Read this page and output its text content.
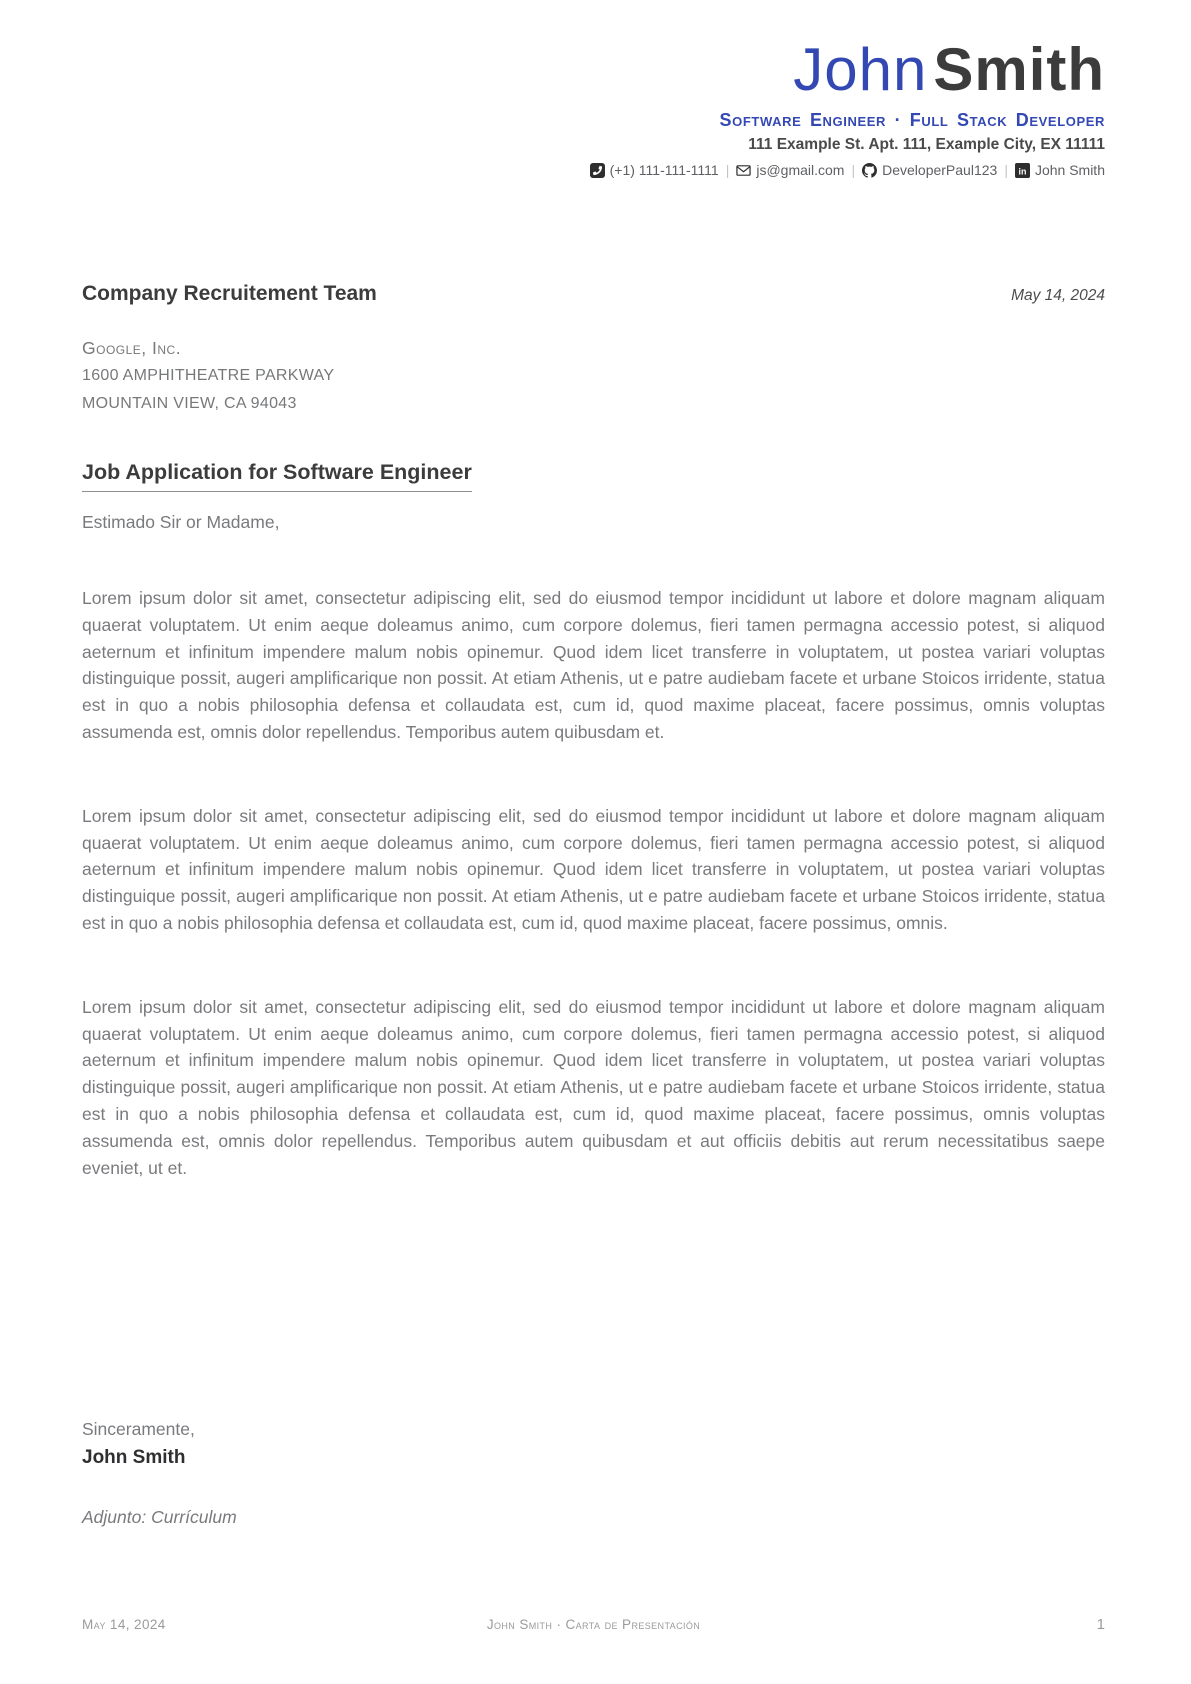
John Smith
Software Engineer · Full Stack Developer
111 Example St. Apt. 111, Example City, EX 11111
(+1) 111-111-1111 | js@gmail.com | DeveloperPaul123 | in John Smith
Company Recruitement Team	May 14, 2024
Google, Inc.
1600 AMPHITHEATRE PARKWAY
MOUNTAIN VIEW, CA 94043
Job Application for Software Engineer
Estimado Sir or Madame,

Lorem ipsum dolor sit amet, consectetur adipiscing elit, sed do eiusmod tempor incididunt ut labore et dolore magnam aliquam quaerat voluptatem. Ut enim aeque doleamus animo, cum corpore dolemus, fieri tamen permagna accessio potest, si aliquod aeternum et infinitum impendere malum nobis opinemur. Quod idem licet transferre in voluptatem, ut postea variari voluptas distinguique possit, augeri amplificarique non possit. At etiam Athenis, ut e patre audiebam facete et urbane Stoicos irridente, statua est in quo a nobis philosophia defensa et collaudata est, cum id, quod maxime placeat, facere possimus, omnis voluptas assumenda est, omnis dolor repellendus. Temporibus autem quibusdam et.

Lorem ipsum dolor sit amet, consectetur adipiscing elit, sed do eiusmod tempor incididunt ut labore et dolore magnam aliquam quaerat voluptatem. Ut enim aeque doleamus animo, cum corpore dolemus, fieri tamen permagna accessio potest, si aliquod aeternum et infinitum impendere malum nobis opinemur. Quod idem licet transferre in voluptatem, ut postea variari voluptas distinguique possit, augeri amplificarique non possit. At etiam Athenis, ut e patre audiebam facete et urbane Stoicos irridente, statua est in quo a nobis philosophia defensa et collaudata est, cum id, quod maxime placeat, facere possimus, omnis.

Lorem ipsum dolor sit amet, consectetur adipiscing elit, sed do eiusmod tempor incididunt ut labore et dolore magnam aliquam quaerat voluptatem. Ut enim aeque doleamus animo, cum corpore dolemus, fieri tamen permagna accessio potest, si aliquod aeternum et infinitum impendere malum nobis opinemur. Quod idem licet transferre in voluptatem, ut postea variari voluptas distinguique possit, augeri amplificarique non possit. At etiam Athenis, ut e patre audiebam facete et urbane Stoicos irridente, statua est in quo a nobis philosophia defensa et collaudata est, cum id, quod maxime placeat, facere possimus, omnis voluptas assumenda est, omnis dolor repellendus. Temporibus autem quibusdam et aut officiis debitis aut rerum necessitatibus saepe eveniet, ut et.

Sinceramente,
John Smith
Adjunto: Currículum
May 14, 2024	John Smith · Carta de Presentación	1
